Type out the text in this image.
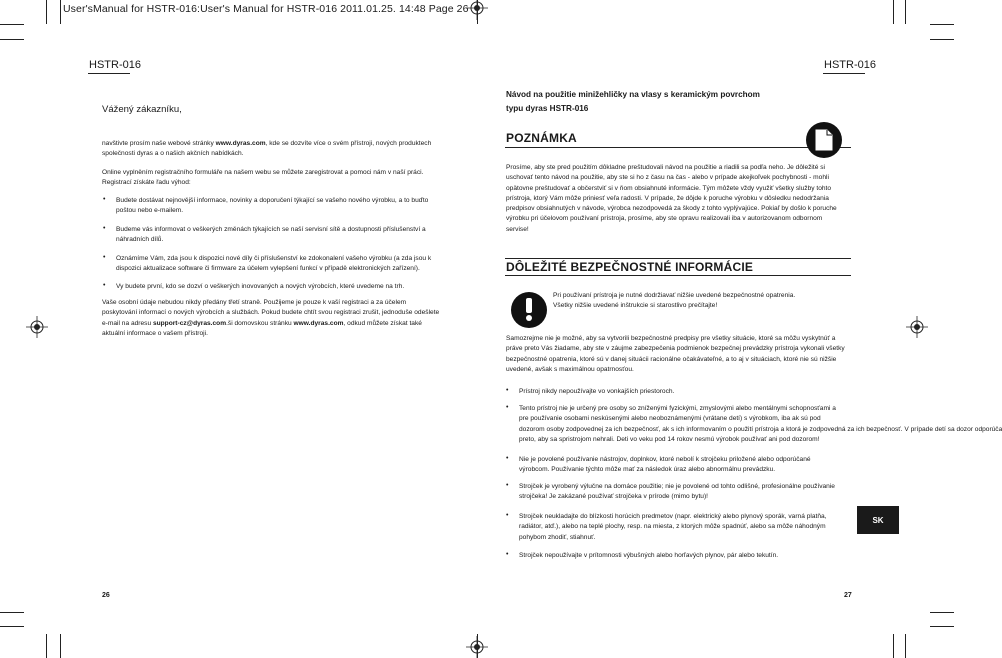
User'sManual for HSTR-016:User's Manual for HSTR-016 2011.01.25. 14:48 Page 26
HSTR-016
Vážený zákazníku,
navštivte prosím naše webové stránky www.dyras.com, kde se dozvíte více o svém přístroji, nových produktech
společnosti dyras a o našich akčních nabídkách.
Online vyplněním registračního formuláře na našem webu se můžete zaregistrovat a pomoci nám v naší práci.
Registrací získáte řadu výhod:
• Budete dostávat nejnovější informace, novinky a doporučení týkající se vašeho nového výrobku, a to buďto
poštou nebo e-mailem.
• Budeme vás informovat o veškerých změnách týkajících se naší servisní sítě a dostupnosti příslušenství a
náhradních dílů.
• Oznámíme Vám, zda jsou k dispozici nové díly či příslušenství ke zdokonalení vašeho výrobku (a zda jsou k
dispozici aktualizace software či firmware za účelem vylepšení funkcí v případě elektronických zařízení).
• Vy budete první, kdo se dozví o veškerých inovovaných a nových výrobcích, které uvedeme na trh.
Vaše osobní údaje nebudou nikdy předány třetí straně. Použijeme je pouze k vaší registraci a za účelem
poskytování informací o nových výrobcích a službách. Pokud budete chtít svou registraci zrušit, jednoduše odešlete
e-mail na adresu support-cz@dyras.com.ši domovskou stránku www.dyras.com, odkud můžete získat také
aktuální informace o vašem přístroji.
26
HSTR-016
Návod na použitie minižehličky na vlasy s keramickým povrchom
typu dyras HSTR-016
POZNÁMKA
Prosíme, aby ste pred použitím dôkladne preštudovali návod na použitie a riadili sa podľa neho. Je dôležité si
uschovať tento návod na použitie, aby ste si ho z času na čas - alebo v prípade akejkoľvek pochybnosti - mohli
opätovne preštudovať a občerstviť si v ňom obsiahnuté informácie. Tým môžete vždy využiť všetky služby tohto
prístroja, ktorý Vám môže priniesť veľa radosti. V prípade, že dôjde k poruche výrobku v dôsledku nedodržania
predpisov obsiahnutých v návode, výrobca nezodpovedá za škody z tohto vyplývajúce. Pokiaľ by došlo k poruche
výrobku pri účelovom používaní prístroja, prosíme, aby ste opravu realizovali iba v autorizovanom odbornom
servise!
DÔLEŽITÉ BEZPEČNOSTNÉ INFORMÁCIE
Pri používaní prístroja je nutné dodržiavať nižšie uvedené bezpečnostné opatrenia.
Všetky nižšie uvedené inštrukcie si starostlivo prečítajte!
Samozrejme nie je možné, aby sa vytvorili bezpečnostné predpisy pre všetky situácie, ktoré sa môžu vyskytnúť a
práve preto Vás žiadame, aby ste v záujme zabezpečenia podmienok bezpečnej prevádzky prístroja vykonali všetky
bezpečnostné opatrenia, ktoré sú v danej situácii racionálne očakávateľné, a to aj v situáciach, ktoré nie sú nižšie
uvedené, avšak s maximálnou opatrnosťou.
• Prístroj nikdy nepoužívajte vo vonkajších priestoroch.
• Tento prístroj nie je určený pre osoby so zníženými fyzickými, zmyslovými alebo mentálnymi schopnosťami a
pre používanie osobami neskúsenými alebo neoboznámenými (vrátane detí) s výrobkom, iba ak sú pod
dozorom osoby zodpovednej za ich bezpečnosť, ak s ich informovaním o použití prístroja a ktorá je zodpovedná za ich bezpečnosť. V prípade detí sa dozor odporúča
preto, aby sa spristrojom nehrali. Deti vo veku pod 14 rokov nesmú výrobok používať ani pod dozorom!
• Nie je povolené používanie nástrojov, doplnkov, ktoré nebolí k strojčeku priložené alebo odporúčané
výrobcom. Používanie týchto môže mať za následok úraz alebo abnormálnu prevádzku.
• Strojček je vyrobený výlučne na domáce použitie; nie je povolené od tohto odlišné, profesionálne používanie
strojčeka! Je zakázané používať strojčeka v prírode (mimo bytu)!
• Strojček neukladajte do blízkosti horúcich predmetov (napr. elektrický alebo plynový sporák, varná platňa,
radiátor, atď.), alebo na teplé plochy, resp. na miesta, z ktorých môže spadnúť, alebo sa môže náhodným
pohybom zhodiť, stiahnuť.
• Strojček nepoužívajte v prítomnosti výbušných alebo horľavých plynov, pár alebo tekutín.
SK
27
